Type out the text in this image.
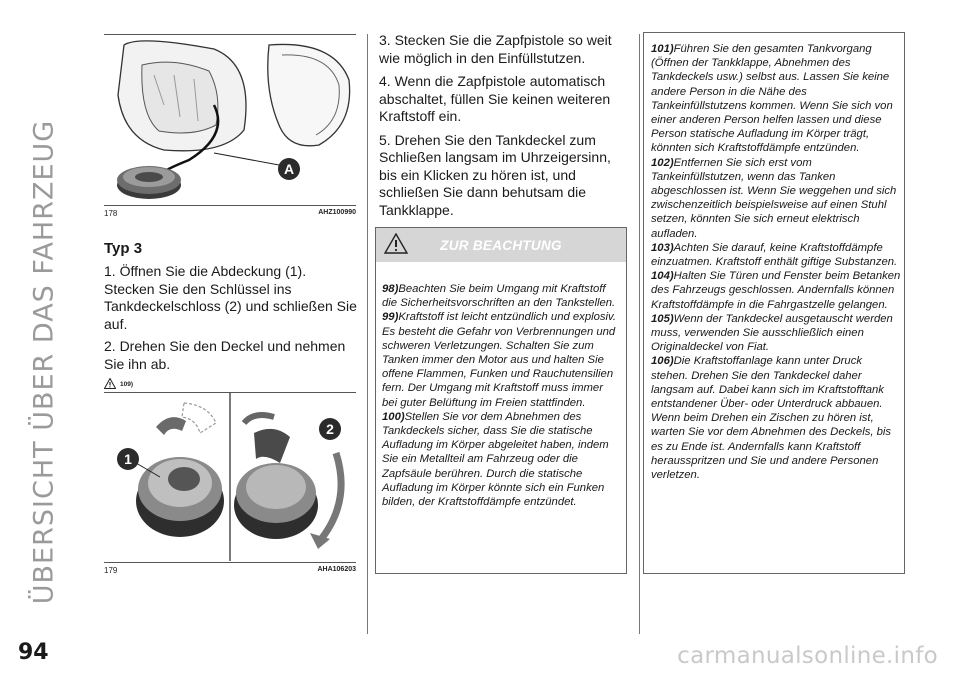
ÜBERSICHT ÜBER DAS FAHRZEUG	A
178	AHZ100990
Typ 3

1. Öffnen Sie die Abdeckung (1). Stecken Sie den Schlüssel ins Tankdeckelschloss (2) und schließen Sie auf.

2. Drehen Sie den Deckel und nehmen Sie ihn ab.

109)
1
2
179	AHA106203

3. Stecken Sie die Zapfpistole so weit wie möglich in den Einfüllstutzen.

4. Wenn die Zapfpistole automatisch abschaltet, füllen Sie keinen weiteren Kraftstoff ein.

5. Drehen Sie den Tankdeckel zum Schließen langsam im Uhrzeigersinn, bis ein Klicken zu hören ist, und schließen Sie dann behutsam die Tankklappe.

ZUR BEACHTUNG

98)Beachten Sie beim Umgang mit Kraftstoff die Sicherheitsvorschriften an den Tankstellen.

99)Kraftstoff ist leicht entzündlich und explosiv. Es besteht die Gefahr von Verbrennungen und schweren Verletzungen. Schalten Sie zum Tanken immer den Motor aus und halten Sie offene Flammen, Funken und Rauchutensilien fern. Der Umgang mit Kraftstoff muss immer bei guter Belüftung im Freien stattfinden.

100)Stellen Sie vor dem Abnehmen des Tankdeckels sicher, dass Sie die statische Aufladung im Körper abgeleitet haben, indem Sie ein Metallteil am Fahrzeug oder die Zapfsäule berühren. Durch die statische Aufladung im Körper könnte sich ein Funken bilden, der Kraftstoffdämpfe entzündet.

101)Führen Sie den gesamten Tankvorgang (Öffnen der Tankklappe, Abnehmen des Tankdeckels usw.) selbst aus. Lassen Sie keine andere Person in die Nähe des Tankeinfüllstutzens kommen. Wenn Sie sich von einer anderen Person helfen lassen und diese Person statische Aufladung im Körper trägt, könnten sich Kraftstoffdämpfe entzünden.

102)Entfernen Sie sich erst vom Tankeinfüllstutzen, wenn das Tanken abgeschlossen ist. Wenn Sie weggehen und sich zwischenzeitlich beispielsweise auf einen Stuhl setzen, könnten Sie sich erneut elektrisch aufladen.

103)Achten Sie darauf, keine Kraftstoffdämpfe einzuatmen. Kraftstoff enthält giftige Substanzen.

104)Halten Sie Türen und Fenster beim Betanken des Fahrzeugs geschlossen. Andernfalls können Kraftstoffdämpfe in die Fahrgastzelle gelangen.

105)Wenn der Tankdeckel ausgetauscht werden muss, verwenden Sie ausschließlich einen Originaldeckel von Fiat.

106)Die Kraftstoffanlage kann unter Druck stehen. Drehen Sie den Tankdeckel daher langsam auf. Dabei kann sich im Kraftstofftank entstandener Über- oder Unterdruck abbauen. Wenn beim Drehen ein Zischen zu hören ist, warten Sie vor dem Abnehmen des Deckels, bis es zu Ende ist. Andernfalls kann Kraftstoff herausspritzen und Sie und andere Personen verletzen.

94	carmanualsonline.info
